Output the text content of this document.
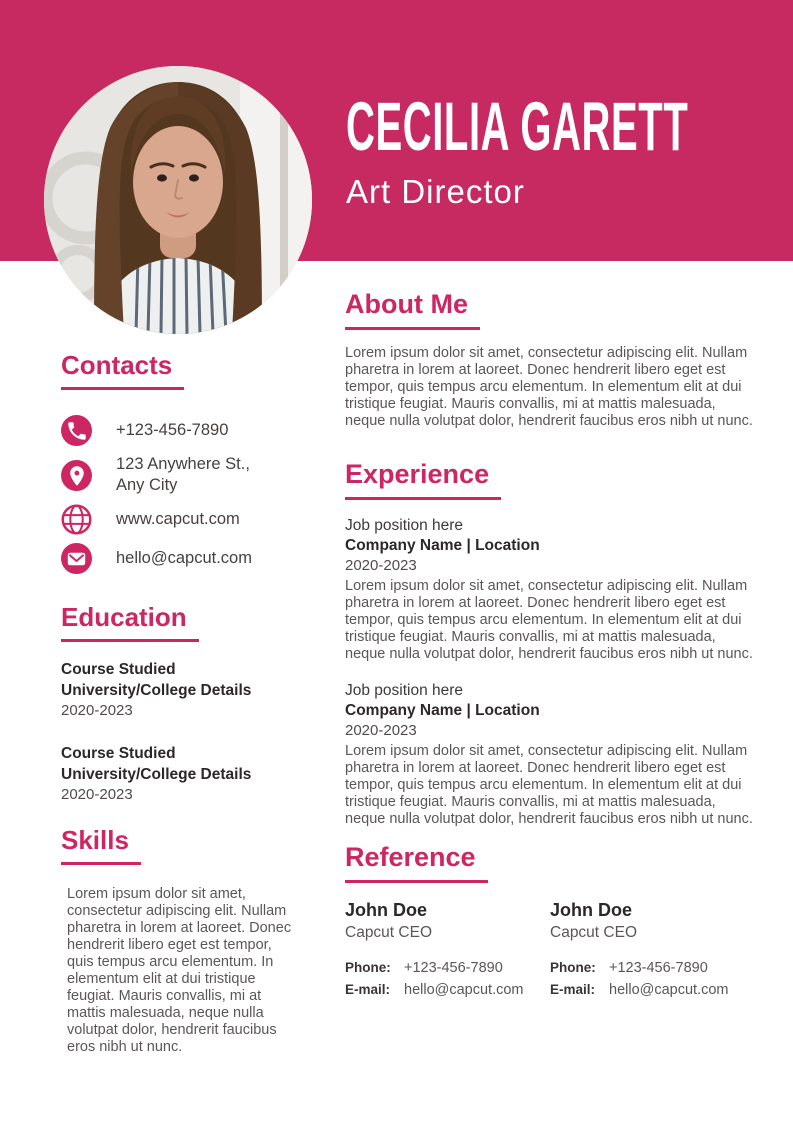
CECILIA GARETT
Art Director
Contacts
+123-456-7890
123 Anywhere St.,
Any City
www.capcut.com
hello@capcut.com
Education
Course Studied
University/College Details
2020-2023
Course Studied
University/College Details
2020-2023
Skills

Lorem ipsum dolor sit amet, consectetur adipiscing elit. Nullam pharetra in lorem at laoreet. Donec hendrerit libero eget est tempor, quis tempus arcu elementum. In elementum elit at dui tristique feugiat. Mauris convallis, mi at mattis malesuada, neque nulla volutpat dolor, hendrerit faucibus eros nibh ut nunc.

About Me

Lorem ipsum dolor sit amet, consectetur adipiscing elit. Nullam pharetra in lorem at laoreet. Donec hendrerit libero eget est tempor, quis tempus arcu elementum. In elementum elit at dui tristique feugiat. Mauris convallis, mi at mattis malesuada, neque nulla volutpat dolor, hendrerit faucibus eros nibh ut nunc.

Experience
Job position here
Company Name | Location
2020-2023

Lorem ipsum dolor sit amet, consectetur adipiscing elit. Nullam pharetra in lorem at laoreet. Donec hendrerit libero eget est tempor, quis tempus arcu elementum. In elementum elit at dui tristique feugiat. Mauris convallis, mi at mattis malesuada, neque nulla volutpat dolor, hendrerit faucibus eros nibh ut nunc.

Job position here
Company Name | Location
2020-2023

Lorem ipsum dolor sit amet, consectetur adipiscing elit. Nullam pharetra in lorem at laoreet. Donec hendrerit libero eget est tempor, quis tempus arcu elementum. In elementum elit at dui tristique feugiat. Mauris convallis, mi at mattis malesuada, neque nulla volutpat dolor, hendrerit faucibus eros nibh ut nunc.

Reference
John Doe
Capcut CEO
Phone: +123-456-7890
E-mail: hello@capcut.com
John Doe
Capcut CEO
Phone: +123-456-7890
E-mail: hello@capcut.com
